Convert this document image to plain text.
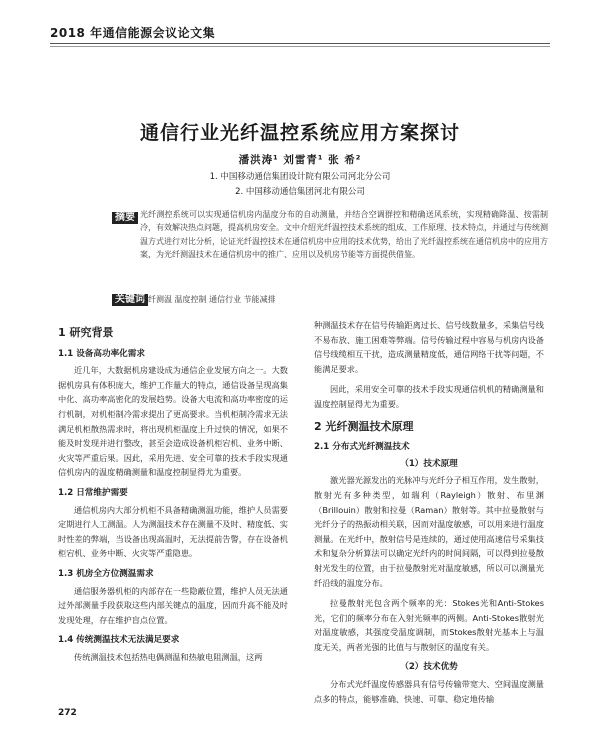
2018 年通信能源会议论文集
通信行业光纤温控系统应用方案探讨
潘洪涛¹ 刘雷青¹ 张 希²
1. 中国移动通信集团设计院有限公司河北分公司
2. 中国移动通信集团河北有限公司
摘要 光纤测控系统可以实现通信机房内温度分布的自动测量，并结合空调群控和精确送风系统，实现精确降温、按需制冷，有效解决热点问题，提高机房安全。文中介绍光纤温控技术系统的组成、工作原理、技术特点，并通过与传统测温方式进行对比分析，论证光纤温控技术在通信机房中应用的技术优势，给出了光纤温控系统在通信机房中的应用方案，为光纤测温技术在通信机房中的推广、应用以及机房节能等方面提供借鉴。
关键词
光纤测温 温度控制 通信行业 节能减排
1 研究背景
1.1 设备高功率化需求

近几年，大数据机房建设成为通信企业发展方向之一。大数据机房具有体积庞大，维护工作量大的特点，通信设备呈现高集中化、高功率高密化的发展趋势。设备大电流和高功率密度的运行机制，对机柜制冷需求提出了更高要求。当机柜制冷需求无法满足机柜散热需求时，将出现机柜温度上升过快的情况，如果不能及时发现并进行整改，甚至会造成设备机柜宕机、业务中断、火灾等严重后果。因此，采用先进、安全可靠的技术手段实现通信机房内的温度精确测量和温度控制显得尤为重要。

1.2 日常维护需要

通信机房内大部分机柜不具备精确测温功能，维护人员需要定期进行人工测温。人为测温技术存在测量不及时、精度低、实时性差的弊端，当设备出现高温时，无法提前告警，存在设备机柜宕机、业务中断、火灾等严重隐患。

1.3 机房全方位测温需求

通信服务器机柜的内部存在一些隐蔽位置，维护人员无法通过外部测量手段获取这些内部关键点的温度，因而升高不能及时发现处理，存在维护盲点位置。

1.4 传统测温技术无法满足要求

传统测温技术包括热电偶测温和热敏电阻测温，这两

种测温技术存在信号传输距离过长、信号线数量多，采集信号线不易布放、施工困难等弊端。信号传输过程中容易与机房内设备信号线缆相互干扰，造成测量精度低，通信网络干扰等问题，不能满足要求。

因此，采用安全可靠的技术手段实现通信机机的精确测量和温度控制显得尤为重要。

2 光纤测温技术原理
2.1 分布式光纤测温技术
（1）技术原理

激光器光源发出的光脉冲与光纤分子相互作用，发生散射，散射光有多种类型，如瑞利（Rayleigh）散射、布里渊（Brillouin）散射和拉曼（Raman）散射等。其中拉曼散射与光纤分子的热振动相关联，因而对温度敏感，可以用来进行温度测量。在光纤中，散射信号是连续的，通过使用高速信号采集技术和复杂分析算法可以确定光纤内的时间间隔，可以得到拉曼散射光发生的位置，由于拉曼散射光对温度敏感，所以可以测量光纤沿线的温度分布。

拉曼散射光包含两个频率的光：Stokes光和Anti-Stokes光，它们的频率分布在入射光频率的两侧。Anti-Stokes散射光对温度敏感，其强度受温度调制，而Stokes散射光基本上与温度无关，两者光强的比值与与散射区的温度有关。

（2）技术优势

分布式光纤温度传感器具有信号传输带宽大、空间温度测量点多的特点，能够准确、快速、可靠、稳定地传输

272
